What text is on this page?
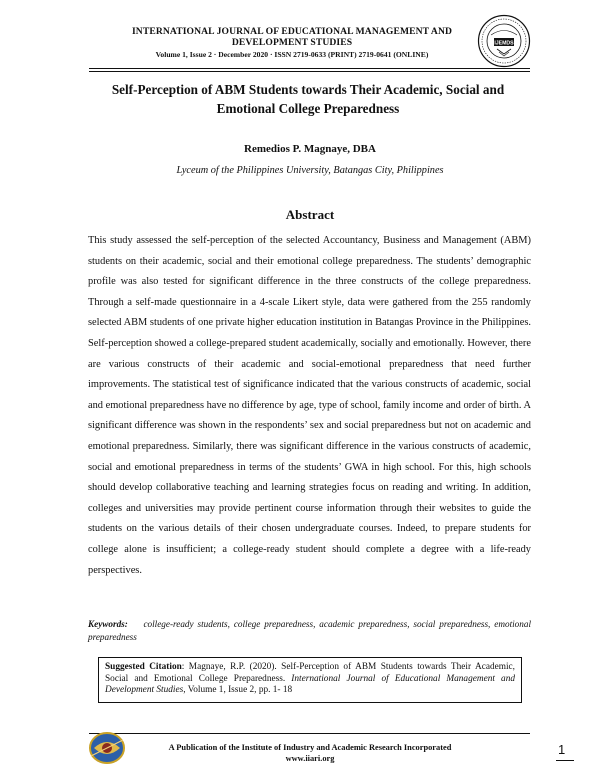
INTERNATIONAL JOURNAL OF EDUCATIONAL MANAGEMENT AND DEVELOPMENT STUDIES
Volume 1, Issue 2 · December 2020 · ISSN 2719-0633 (PRINT) 2719-0641 (ONLINE)
IJEMDS
Self-Perception of ABM Students towards Their Academic, Social and Emotional College Preparedness
Remedios P. Magnaye, DBA
Lyceum of the Philippines University, Batangas City, Philippines
Abstract
This study assessed the self-perception of the selected Accountancy, Business and Management (ABM) students on their academic, social and their emotional college preparedness. The students’ demographic profile was also tested for significant difference in the three constructs of the college preparedness. Through a self-made questionnaire in a 4-scale Likert style, data were gathered from the 255 randomly selected ABM students of one private higher education institution in Batangas Province in the Philippines. Self-perception showed a college-prepared student academically, socially and emotionally. However, there are various constructs of their academic and social-emotional preparedness that need further improvements. The statistical test of significance indicated that the various constructs of academic, social and emotional preparedness have no difference by age, type of school, family income and order of birth. A significant difference was shown in the respondents’ sex and social preparedness but not on academic and emotional preparedness. Similarly, there was significant difference in the various constructs of academic, social and emotional preparedness in terms of the students’ GWA in high school. For this, high schools should develop collaborative teaching and learning strategies focus on reading and writing. In addition, colleges and universities may provide pertinent course information through their websites to guide the students on the various details of their chosen undergraduate courses. Indeed, to prepare students for college alone is insufficient; a college-ready student should complete a degree with a life-ready perspectives.
Keywords: college-ready students, college preparedness, academic preparedness, social preparedness, emotional preparedness
Suggested Citation: Magnaye, R.P. (2020). Self-Perception of ABM Students towards Their Academic, Social and Emotional College Preparedness. International Journal of Educational Management and Development Studies, Volume 1, Issue 2, pp. 1- 18
A Publication of the Institute of Industry and Academic Research Incorporated
www.iiari.org
1
